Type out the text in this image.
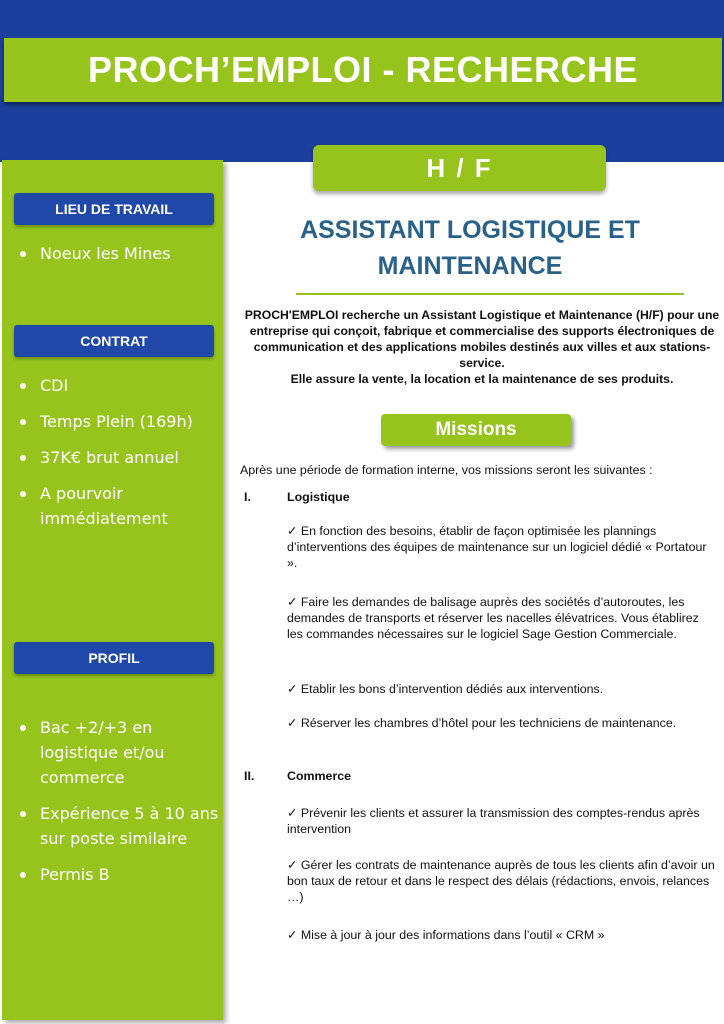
PROCH’EMPLOI - RECHERCHE
LIEU DE TRAVAIL
Noeux les Mines
CONTRAT
CDI
Temps Plein (169h)
37K€ brut annuel
A pourvoir immédiatement
PROFIL
Bac +2/+3 en logistique et/ou commerce
Expérience 5 à 10 ans sur poste similaire
Permis B
H / F
ASSISTANT LOGISTIQUE ET MAINTENANCE
PROCH'EMPLOI recherche un Assistant Logistique et Maintenance (H/F) pour une entreprise qui conçoit, fabrique et commercialise des supports électroniques de communication et des applications mobiles destinés aux villes et aux stations-service.
Elle assure la vente, la location et la maintenance de ses produits.
Missions
Après une période de formation interne, vos missions seront les suivantes :
I.	Logistique
✓ En fonction des besoins, établir de façon optimisée les plannings d’interventions des équipes de maintenance sur un logiciel dédié « Portatour ».
✓ Faire les demandes de balisage auprès des sociétés d’autoroutes, les demandes de transports et réserver les nacelles élévatrices. Vous établirez les commandes nécessaires sur le logiciel Sage Gestion Commerciale.
✓ Etablir les bons d’intervention dédiés aux interventions.
✓ Réserver les chambres d’hôtel pour les techniciens de maintenance.
II.	Commerce
✓ Prévenir les clients et assurer la transmission des comptes-rendus après intervention
✓ Gérer les contrats de maintenance auprès de tous les clients afin d’avoir un bon taux de retour et dans le respect des délais (rédactions, envois, relances …)
✓ Mise à jour à jour des informations dans l’outil « CRM »
